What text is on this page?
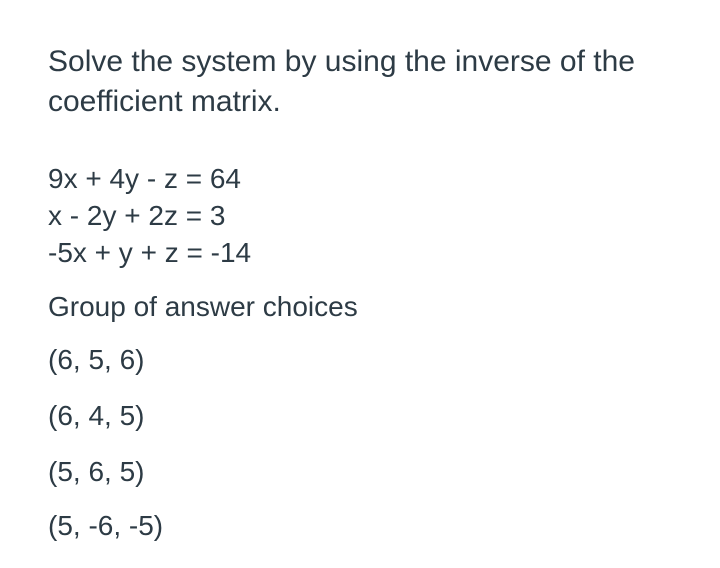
Solve the system by using the inverse of the

coefficient matrix.

9x + 4y - z = 64
x - 2y + 2z = 3
-5x + y + z = -14
Group of answer choices
(6, 5, 6)
(6, 4, 5)
(5, 6, 5)
(5, -6, -5)
